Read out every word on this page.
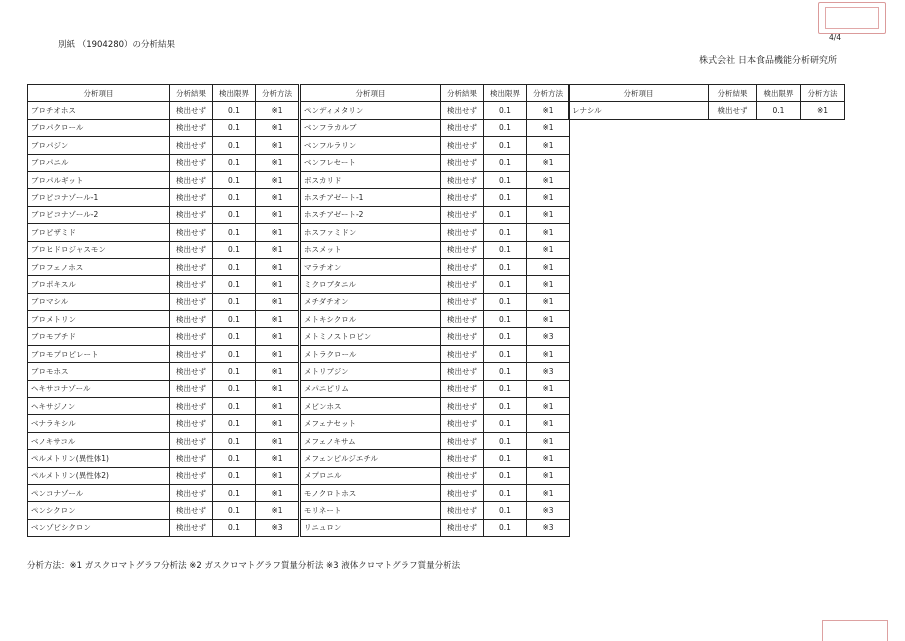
別紙 （1904280）の分析結果
4/4
株式会社 日本食品機能分析研究所
分析項目	分析結果	検出限界	分析方法
ブロチオホス	検出せず	0.1	※1
ブロパクロール	検出せず	0.1	※1
ブロパジン	検出せず	0.1	※1
ブロパニル	検出せず	0.1	※1
ブロパルギット	検出せず	0.1	※1
ブロピコナゾール-1	検出せず	0.1	※1
ブロピコナゾール-2	検出せず	0.1	※1
ブロピザミド	検出せず	0.1	※1
ブロヒドロジャスモン	検出せず	0.1	※1
ブロフェノホス	検出せず	0.1	※1
ブロポキスル	検出せず	0.1	※1
ブロマシル	検出せず	0.1	※1
ブロメトリン	検出せず	0.1	※1
ブロモブチド	検出せず	0.1	※1
ブロモプロピレート	検出せず	0.1	※1
ブロモホス	検出せず	0.1	※1
ヘキサコナゾール	検出せず	0.1	※1
ヘキサジノン	検出せず	0.1	※1
ベナラキシル	検出せず	0.1	※1
ベノキサコル	検出せず	0.1	※1
ペルメトリン(異性体1)	検出せず	0.1	※1
ペルメトリン(異性体2)	検出せず	0.1	※1
ペンコナゾール	検出せず	0.1	※1
ペンシクロン	検出せず	0.1	※1
ベンゾビシクロン	検出せず	0.1	※3
分析項目	分析結果	検出限界	分析方法
ペンディメタリン	検出せず	0.1	※1
ベンフラカルブ	検出せず	0.1	※1
ベンフルラリン	検出せず	0.1	※1
ベンフレセート	検出せず	0.1	※1
ボスカリド	検出せず	0.1	※1
ホスチアゼート-1	検出せず	0.1	※1
ホスチアゼート-2	検出せず	0.1	※1
ホスファミドン	検出せず	0.1	※1
ホスメット	検出せず	0.1	※1
マラチオン	検出せず	0.1	※1
ミクロブタニル	検出せず	0.1	※1
メチダチオン	検出せず	0.1	※1
メトキシクロル	検出せず	0.1	※1
メトミノストロビン	検出せず	0.1	※3
メトラクロール	検出せず	0.1	※1
メトリブジン	検出せず	0.1	※3
メパニピリム	検出せず	0.1	※1
メビンホス	検出せず	0.1	※1
メフェナセット	検出せず	0.1	※1
メフェノキサム	検出せず	0.1	※1
メフェンピルジエチル	検出せず	0.1	※1
メプロニル	検出せず	0.1	※1
モノクロトホス	検出せず	0.1	※1
モリネート	検出せず	0.1	※3
リニュロン	検出せず	0.1	※3
分析項目	分析結果	検出限界	分析方法
レナシル	検出せず	0.1	※1
分析方法：※1 ガスクロマトグラフ分析法 ※2 ガスクロマトグラフ質量分析法 ※3 液体クロマトグラフ質量分析法
